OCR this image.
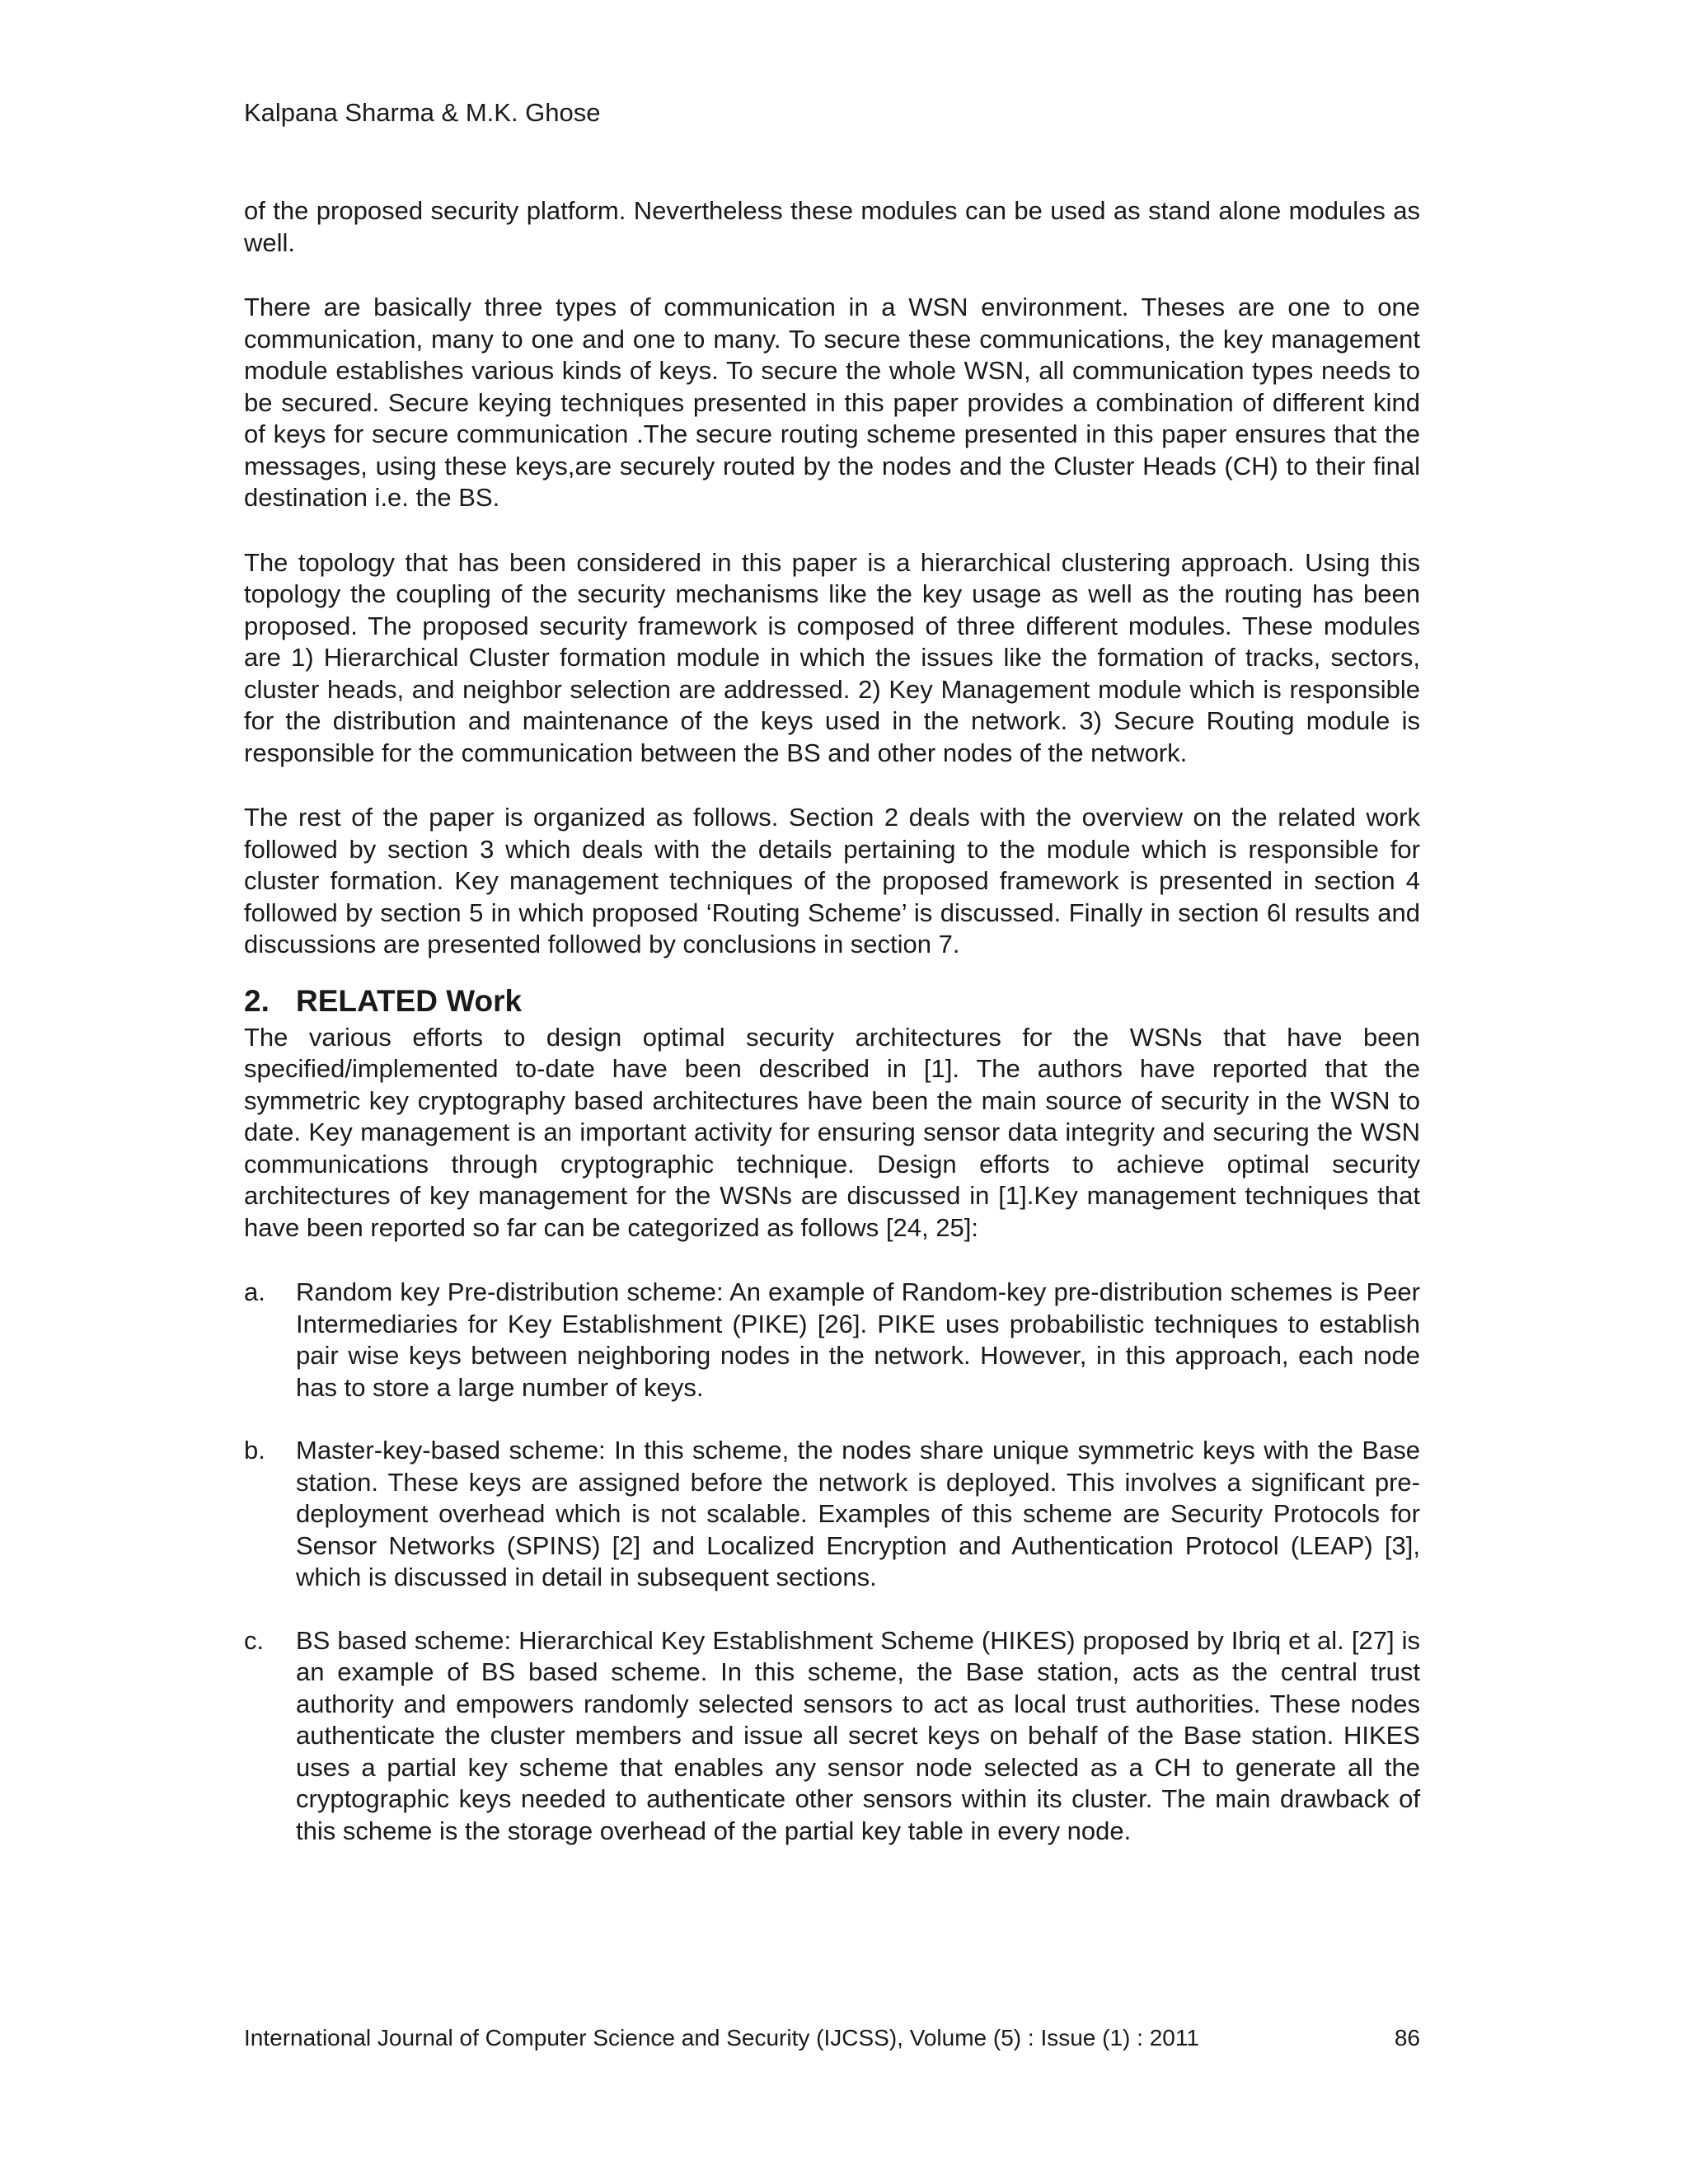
Kalpana Sharma & M.K. Ghose

of the proposed security platform. Nevertheless these modules can be used as stand alone modules as well.

There are basically three types of communication in a WSN environment. Theses are one to one communication, many to one and one to many. To secure these communications, the key management module establishes various kinds of keys. To secure the whole WSN, all communication types needs to be secured. Secure keying techniques presented in this paper provides a combination of different kind of keys for secure communication .The secure routing scheme presented in this paper ensures that the messages, using these keys,are securely routed by the nodes and the Cluster Heads (CH) to their final destination i.e. the BS.

The topology that has been considered in this paper is a hierarchical clustering approach. Using this topology the coupling of the security mechanisms like the key usage as well as the routing has been proposed. The proposed security framework is composed of three different modules. These modules are 1) Hierarchical Cluster formation module in which the issues like the formation of tracks, sectors, cluster heads, and neighbor selection are addressed. 2) Key Management module which is responsible for the distribution and maintenance of the keys used in the network. 3) Secure Routing module is responsible for the communication between the BS and other nodes of the network.

The rest of the paper is organized as follows. Section 2 deals with the overview on the related work followed by section 3 which deals with the details pertaining to the module which is responsible for cluster formation. Key management techniques of the proposed framework is presented in section 4 followed by section 5 in which proposed ‘Routing Scheme’ is discussed. Finally in section 6l results and discussions are presented followed by conclusions in section 7.

2. RELATED Work

The various efforts to design optimal security architectures for the WSNs that have been specified/implemented to-date have been described in [1]. The authors have reported that the symmetric key cryptography based architectures have been the main source of security in the WSN to date. Key management is an important activity for ensuring sensor data integrity and securing the WSN communications through cryptographic technique. Design efforts to achieve optimal security architectures of key management for the WSNs are discussed in [1].Key management techniques that have been reported so far can be categorized as follows [24, 25]:

a.	Random key Pre-distribution scheme: An example of Random-key pre-distribution schemes is Peer Intermediaries for Key Establishment (PIKE) [26]. PIKE uses probabilistic techniques to establish pair wise keys between neighboring nodes in the network. However, in this approach, each node has to store a large number of keys.
b.	Master-key-based scheme: In this scheme, the nodes share unique symmetric keys with the Base station. These keys are assigned before the network is deployed. This involves a significant pre-deployment overhead which is not scalable. Examples of this scheme are Security Protocols for Sensor Networks (SPINS) [2] and Localized Encryption and Authentication Protocol (LEAP) [3], which is discussed in detail in subsequent sections.
c.	BS based scheme: Hierarchical Key Establishment Scheme (HIKES) proposed by Ibriq et al. [27] is an example of BS based scheme. In this scheme, the Base station, acts as the central trust authority and empowers randomly selected sensors to act as local trust authorities. These nodes authenticate the cluster members and issue all secret keys on behalf of the Base station. HIKES uses a partial key scheme that enables any sensor node selected as a CH to generate all the cryptographic keys needed to authenticate other sensors within its cluster. The main drawback of this scheme is the storage overhead of the partial key table in every node.
International Journal of Computer Science and Security (IJCSS), Volume (5) : Issue (1) : 2011	86
